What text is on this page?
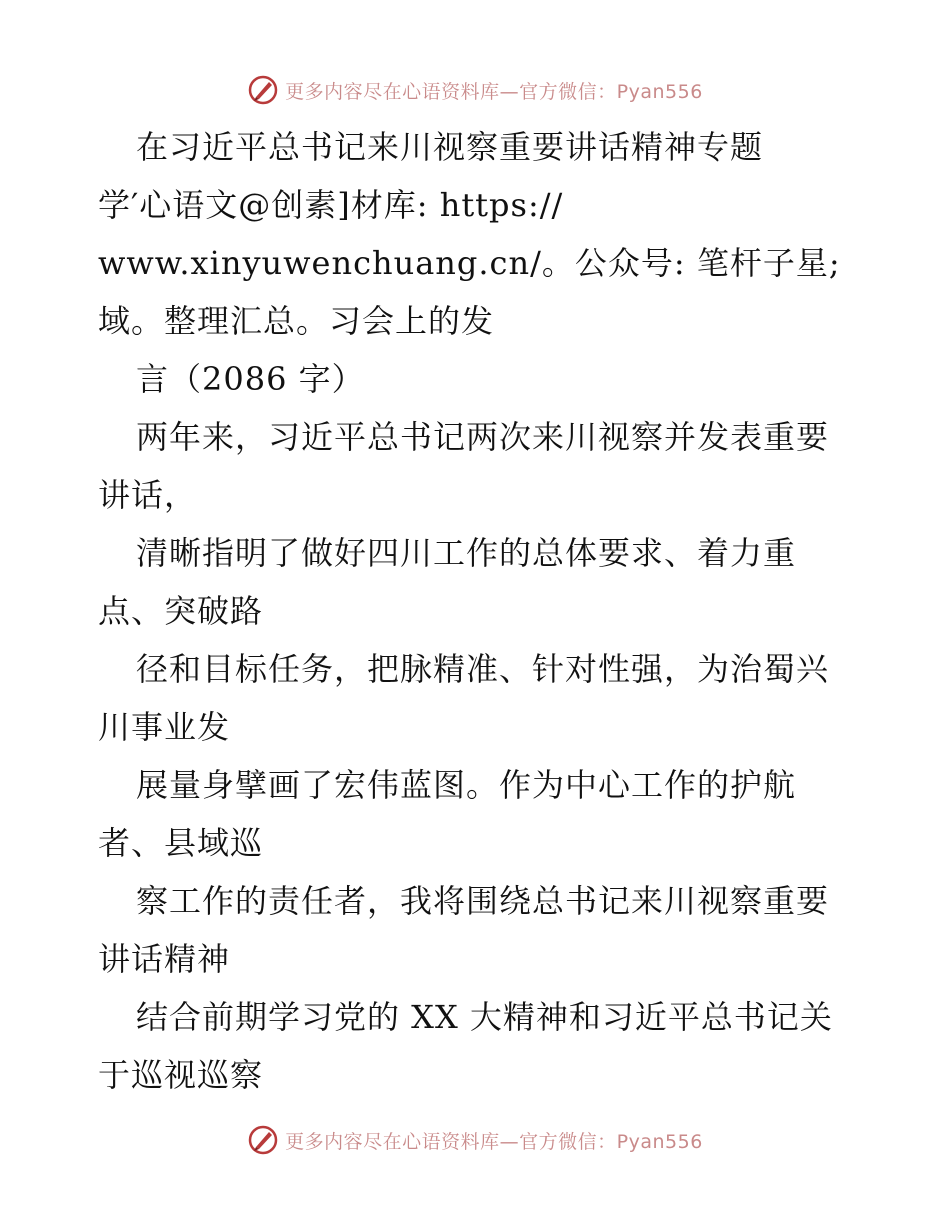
更多内容尽在心语资料库—官方微信：Pyan556
在习近平总书记来川视察重要讲话精神专题
学′心语文@创素]材库: https://
www.xinyuwenchuang.cn/。公众号: 笔杆子星;
域。整理汇总。习会上的发
言（2086 字）
两年来，习近平总书记两次来川视察并发表重要
讲话，
清晰指明了做好四川工作的总体要求、着力重
点、突破路
径和目标任务，把脉精准、针对性强，为治蜀兴
川事业发
展量身擘画了宏伟蓝图。作为中心工作的护航
者、县域巡
察工作的责任者，我将围绕总书记来川视察重要
讲话精神
结合前期学习党的 XX 大精神和习近平总书记关
于巡视巡察
更多内容尽在心语资料库—官方微信：Pyan556
